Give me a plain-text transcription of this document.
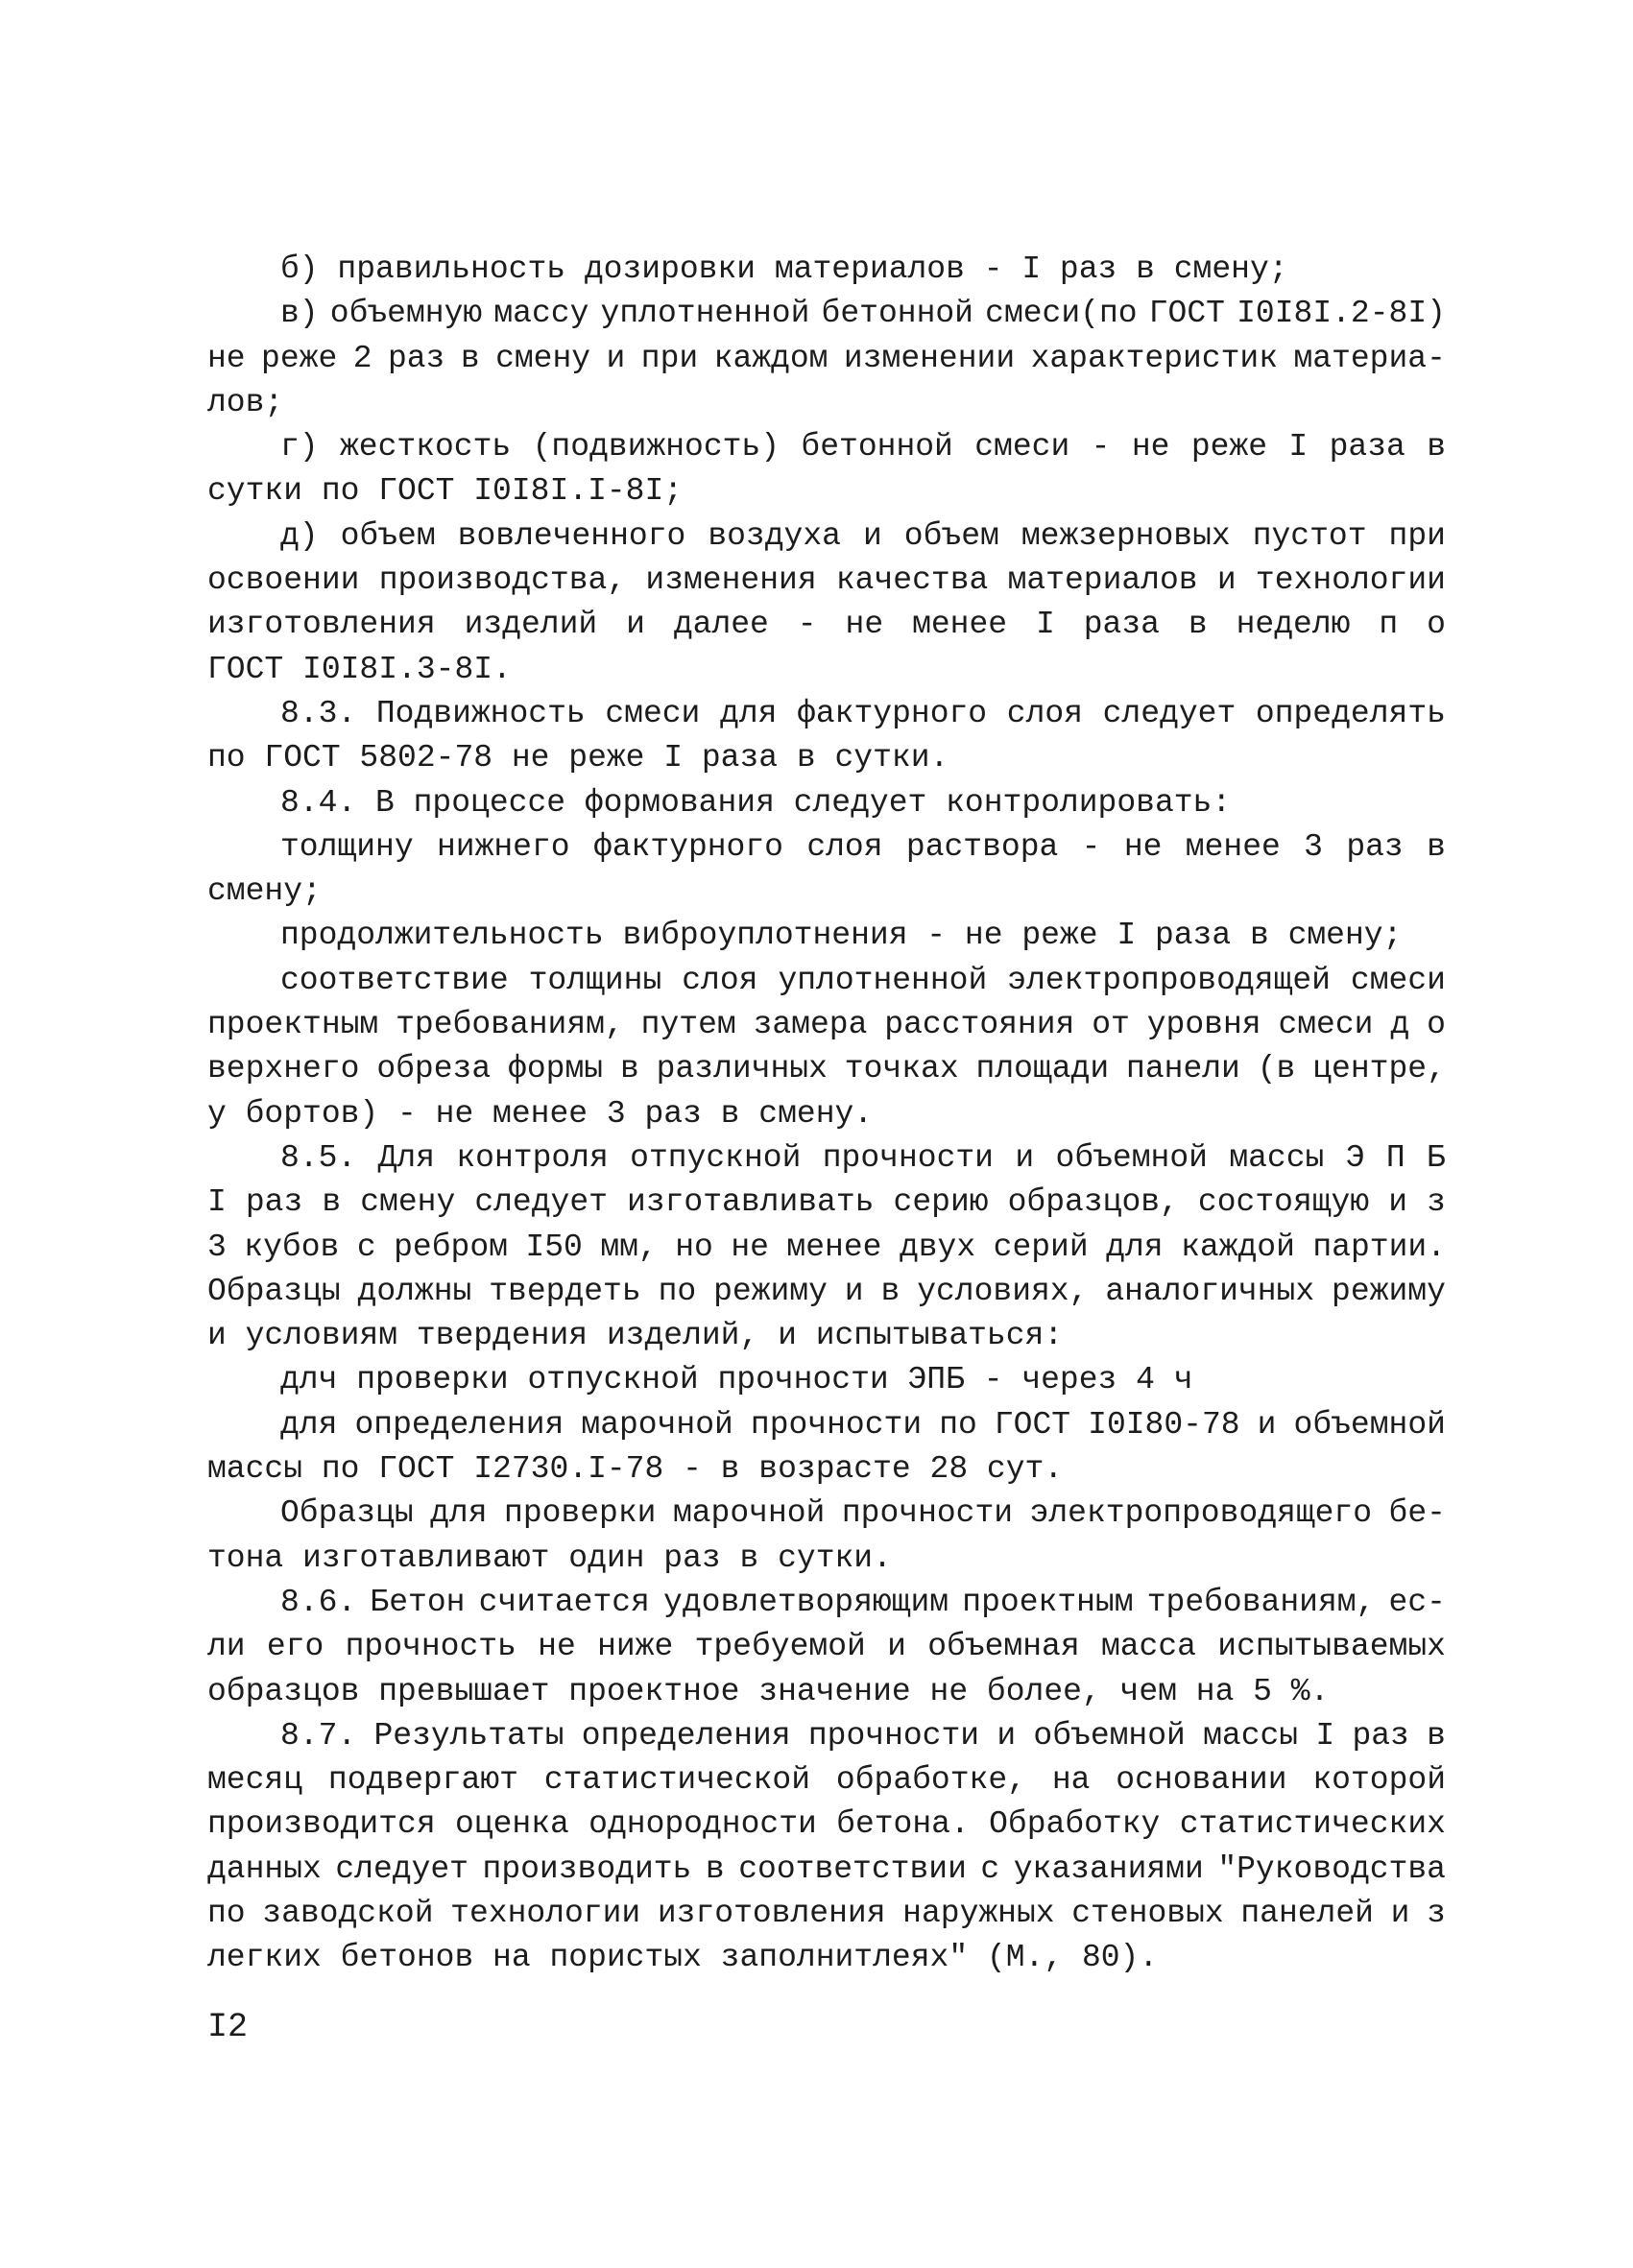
б) правильность дозировки материалов - I раз в смену;
в) объемную массу уплотненной бетонной смеси(по ГОСТ I0I8I.2-8I)
не реже 2 раз в смену и при каждом изменении характеристик материа-
лов;
г) жесткость (подвижность) бетонной смеси - не реже I раза в
сутки по ГОСТ I0I8I.I-8I;
д) объем вовлеченного воздуха и объем межзерновых пустот при
освоении производства, изменения качества материалов и технологии
изготовления изделий и далее - не менее I раза в неделю п о
ГОСТ I0I8I.3-8I.
8.3. Подвижность смеси для фактурного слоя следует определять
по ГОСТ 5802-78 не реже I раза в сутки.
8.4. В процессе формования следует контролировать:
толщину нижнего фактурного слоя раствора - не менее 3 раз в
смену;
продолжительность виброуплотнения - не реже I раза в смену;
соответствие толщины слоя уплотненной электропроводящей смеси
проектным требованиям, путем замера расстояния от уровня смеси д о
верхнего обреза формы в различных точках площади панели (в центре,
у бортов) - не менее 3 раз в смену.
8.5. Для контроля отпускной прочности и объемной массы Э П Б
I раз в смену следует изготавливать серию образцов, состоящую и з
3 кубов с ребром I50 мм, но не менее двух серий для каждой партии.
Образцы должны твердеть по режиму и в условиях, аналогичных режиму
и условиям твердения изделий, и испытываться:
длч проверки отпускной прочности ЭПБ - через 4 ч
для определения марочной прочности по ГОСТ I0I80-78 и объемной
массы по ГОСТ I2730.I-78 - в возрасте 28 сут.
Образцы для проверки марочной прочности электропроводящего бе-
тона изготавливают один раз в сутки.
8.6. Бетон считается удовлетворяющим проектным требованиям, ес-
ли его прочность не ниже требуемой и объемная масса испытываемых
образцов превышает проектное значение не более, чем на 5 %.
8.7. Результаты определения прочности и объемной массы I раз в
месяц подвергают статистической обработке, на основании которой
производится оценка однородности бетона. Обработку статистических
данных следует производить в соответствии с указаниями "Руководства
по заводской технологии изготовления наружных стеновых панелей и з
легких бетонов на пористых заполнитлеях" (М., 80).
I2
